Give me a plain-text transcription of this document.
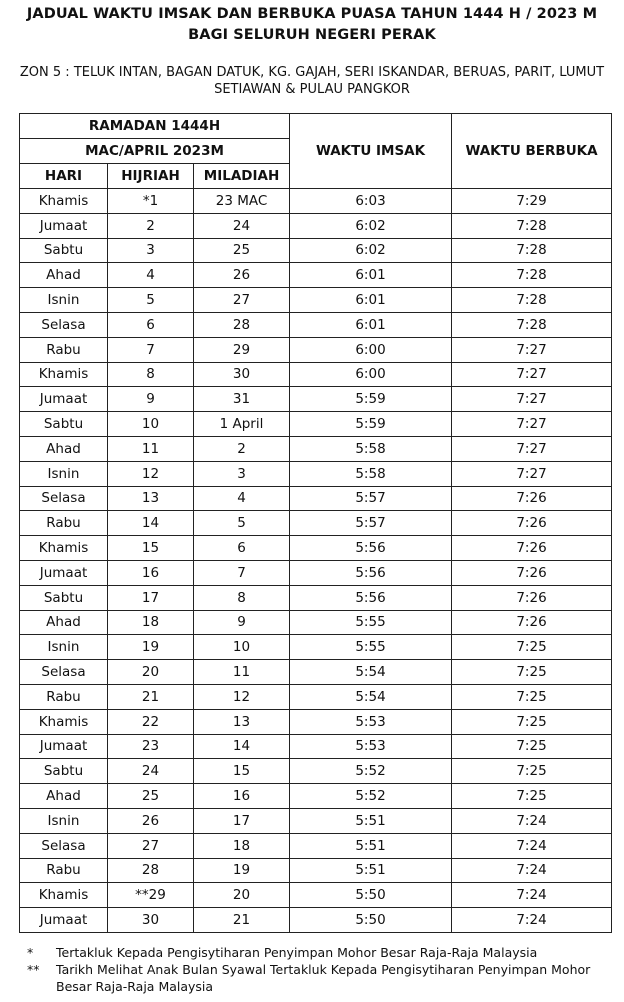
JADUAL WAKTU IMSAK DAN BERBUKA PUASA TAHUN 1444 H / 2023 M
BAGI SELURUH NEGERI PERAK
ZON 5 : TELUK INTAN, BAGAN DATUK, KG. GAJAH, SERI ISKANDAR, BERUAS, PARIT, LUMUT
SETIAWAN & PULAU PANGKOR
RAMADAN 1444H			WAKTU IMSAK	WAKTU BERBUKA
MAC/APRIL 2023M				
HARI	HIJRIAH	MILADIAH		
Khamis	*1	23 MAC	6:03	7:29
Jumaat	2	24	6:02	7:28
Sabtu	3	25	6:02	7:28
Ahad	4	26	6:01	7:28
Isnin	5	27	6:01	7:28
Selasa	6	28	6:01	7:28
Rabu	7	29	6:00	7:27
Khamis	8	30	6:00	7:27
Jumaat	9	31	5:59	7:27
Sabtu	10	1 April	5:59	7:27
Ahad	11	2	5:58	7:27
Isnin	12	3	5:58	7:27
Selasa	13	4	5:57	7:26
Rabu	14	5	5:57	7:26
Khamis	15	6	5:56	7:26
Jumaat	16	7	5:56	7:26
Sabtu	17	8	5:56	7:26
Ahad	18	9	5:55	7:26
Isnin	19	10	5:55	7:25
Selasa	20	11	5:54	7:25
Rabu	21	12	5:54	7:25
Khamis	22	13	5:53	7:25
Jumaat	23	14	5:53	7:25
Sabtu	24	15	5:52	7:25
Ahad	25	16	5:52	7:25
Isnin	26	17	5:51	7:24
Selasa	27	18	5:51	7:24
Rabu	28	19	5:51	7:24
Khamis	**29	20	5:50	7:24
Jumaat	30	21	5:50	7:24
*	Tertakluk Kepada Pengisytiharan Penyimpan Mohor Besar Raja-Raja Malaysia
**	Tarikh Melihat Anak Bulan Syawal Tertakluk Kepada Pengisytiharan Penyimpan Mohor Besar Raja-Raja Malaysia
